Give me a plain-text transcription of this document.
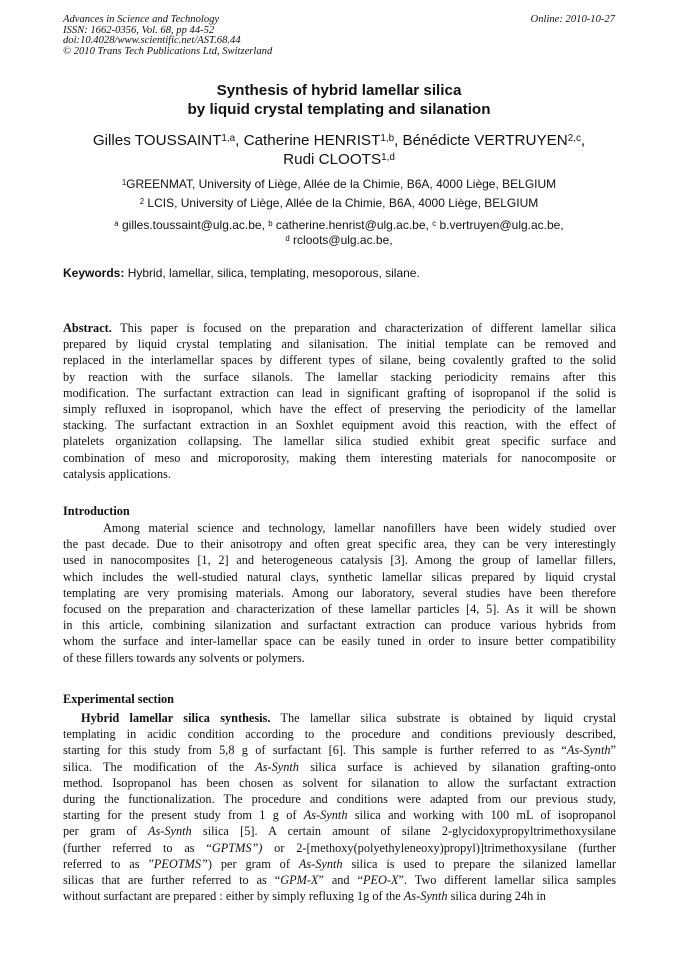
Advances in Science and Technology
ISSN: 1662-0356, Vol. 68, pp 44-52
doi:10.4028/www.scientific.net/AST.68.44
© 2010 Trans Tech Publications Ltd, Switzerland
Online: 2010-10-27
Synthesis of hybrid lamellar silica
by liquid crystal templating and silanation
Gilles TOUSSAINT$^{1,a}$, Catherine HENRIST$^{1,b}$, Bénédicte VERTRUYEN$^{2,c}$,
Rudi CLOOTS$^{1,d}$
$^1$GREENMAT, University of Liège, Allée de la Chimie, B6A, 4000 Liège, BELGIUM
$^2$ LCIS, University of Liège, Allée de la Chimie, B6A, 4000 Liège, BELGIUM
$^a$ gilles.toussaint@ulg.ac.be, $^b$ catherine.henrist@ulg.ac.be, $^c$ b.vertruyen@ulg.ac.be,
$^d$ rcloots@ulg.ac.be,
Keywords: Hybrid, lamellar, silica, templating, mesoporous, silane.
Abstract. This paper is focused on the preparation and characterization of different lamellar silica
prepared by liquid crystal templating and silanisation. The initial template can be removed and
replaced in the interlamellar spaces by different types of silane, being covalently grafted to the solid
by reaction with the surface silanols. The lamellar stacking periodicity remains after this
modification. The surfactant extraction can lead in significant grafting of isopropanol if the solid is
simply refluxed in isopropanol, which have the effect of preserving the periodicity of the lamellar
stacking. The surfactant extraction in an Soxhlet equipment avoid this reaction, with the effect of
platelets organization collapsing. The lamellar silica studied exhibit great specific surface and
combination of meso and microporosity, making them interesting materials for nanocomposite or
catalysis applications.
Introduction
Among material science and technology, lamellar nanofillers have been widely studied over
the past decade. Due to their anisotropy and often great specific area, they can be very interestingly
used in nanocomposites [1, 2] and heterogeneous catalysis [3]. Among the group of lamellar fillers,
which includes the well-studied natural clays, synthetic lamellar silicas prepared by liquid crystal
templating are very promising materials. Among our laboratory, several studies have been therefore
focused on the preparation and characterization of these lamellar particles [4, 5]. As it will be shown
in this article, combining silanization and surfactant extraction can produce various hybrids from
whom the surface and inter-lamellar space can be easily tuned in order to insure better compatibility
of these fillers towards any solvents or polymers.
Experimental section
Hybrid lamellar silica synthesis. The lamellar silica substrate is obtained by liquid crystal
templating in acidic condition according to the procedure and conditions previously described,
starting for this study from 5,8 g of surfactant [6]. This sample is further referred to as “As-Synth”
silica. The modification of the As-Synth silica surface is achieved by silanation grafting-onto
method. Isopropanol has been chosen as solvent for silanation to allow the surfactant extraction
during the functionalization. The procedure and conditions were adapted from our previous study,
starting for the present study from 1 g of As-Synth silica and working with 100 mL of isopropanol
per gram of As-Synth silica [5]. A certain amount of silane 2-glycidoxypropyltrimethoxysilane
(further referred to as “GPTMS”) or 2-[methoxy(polyethyleneoxy)propyl)]trimethoxysilane (further
referred to as ”PEOTMS”) per gram of As-Synth silica is used to prepare the silanized lamellar
silicas that are further referred to as “GPM-X” and “PEO-X”. Two different lamellar silica samples
without surfactant are prepared : either by simply refluxing 1g of the As-Synth silica during 24h in
